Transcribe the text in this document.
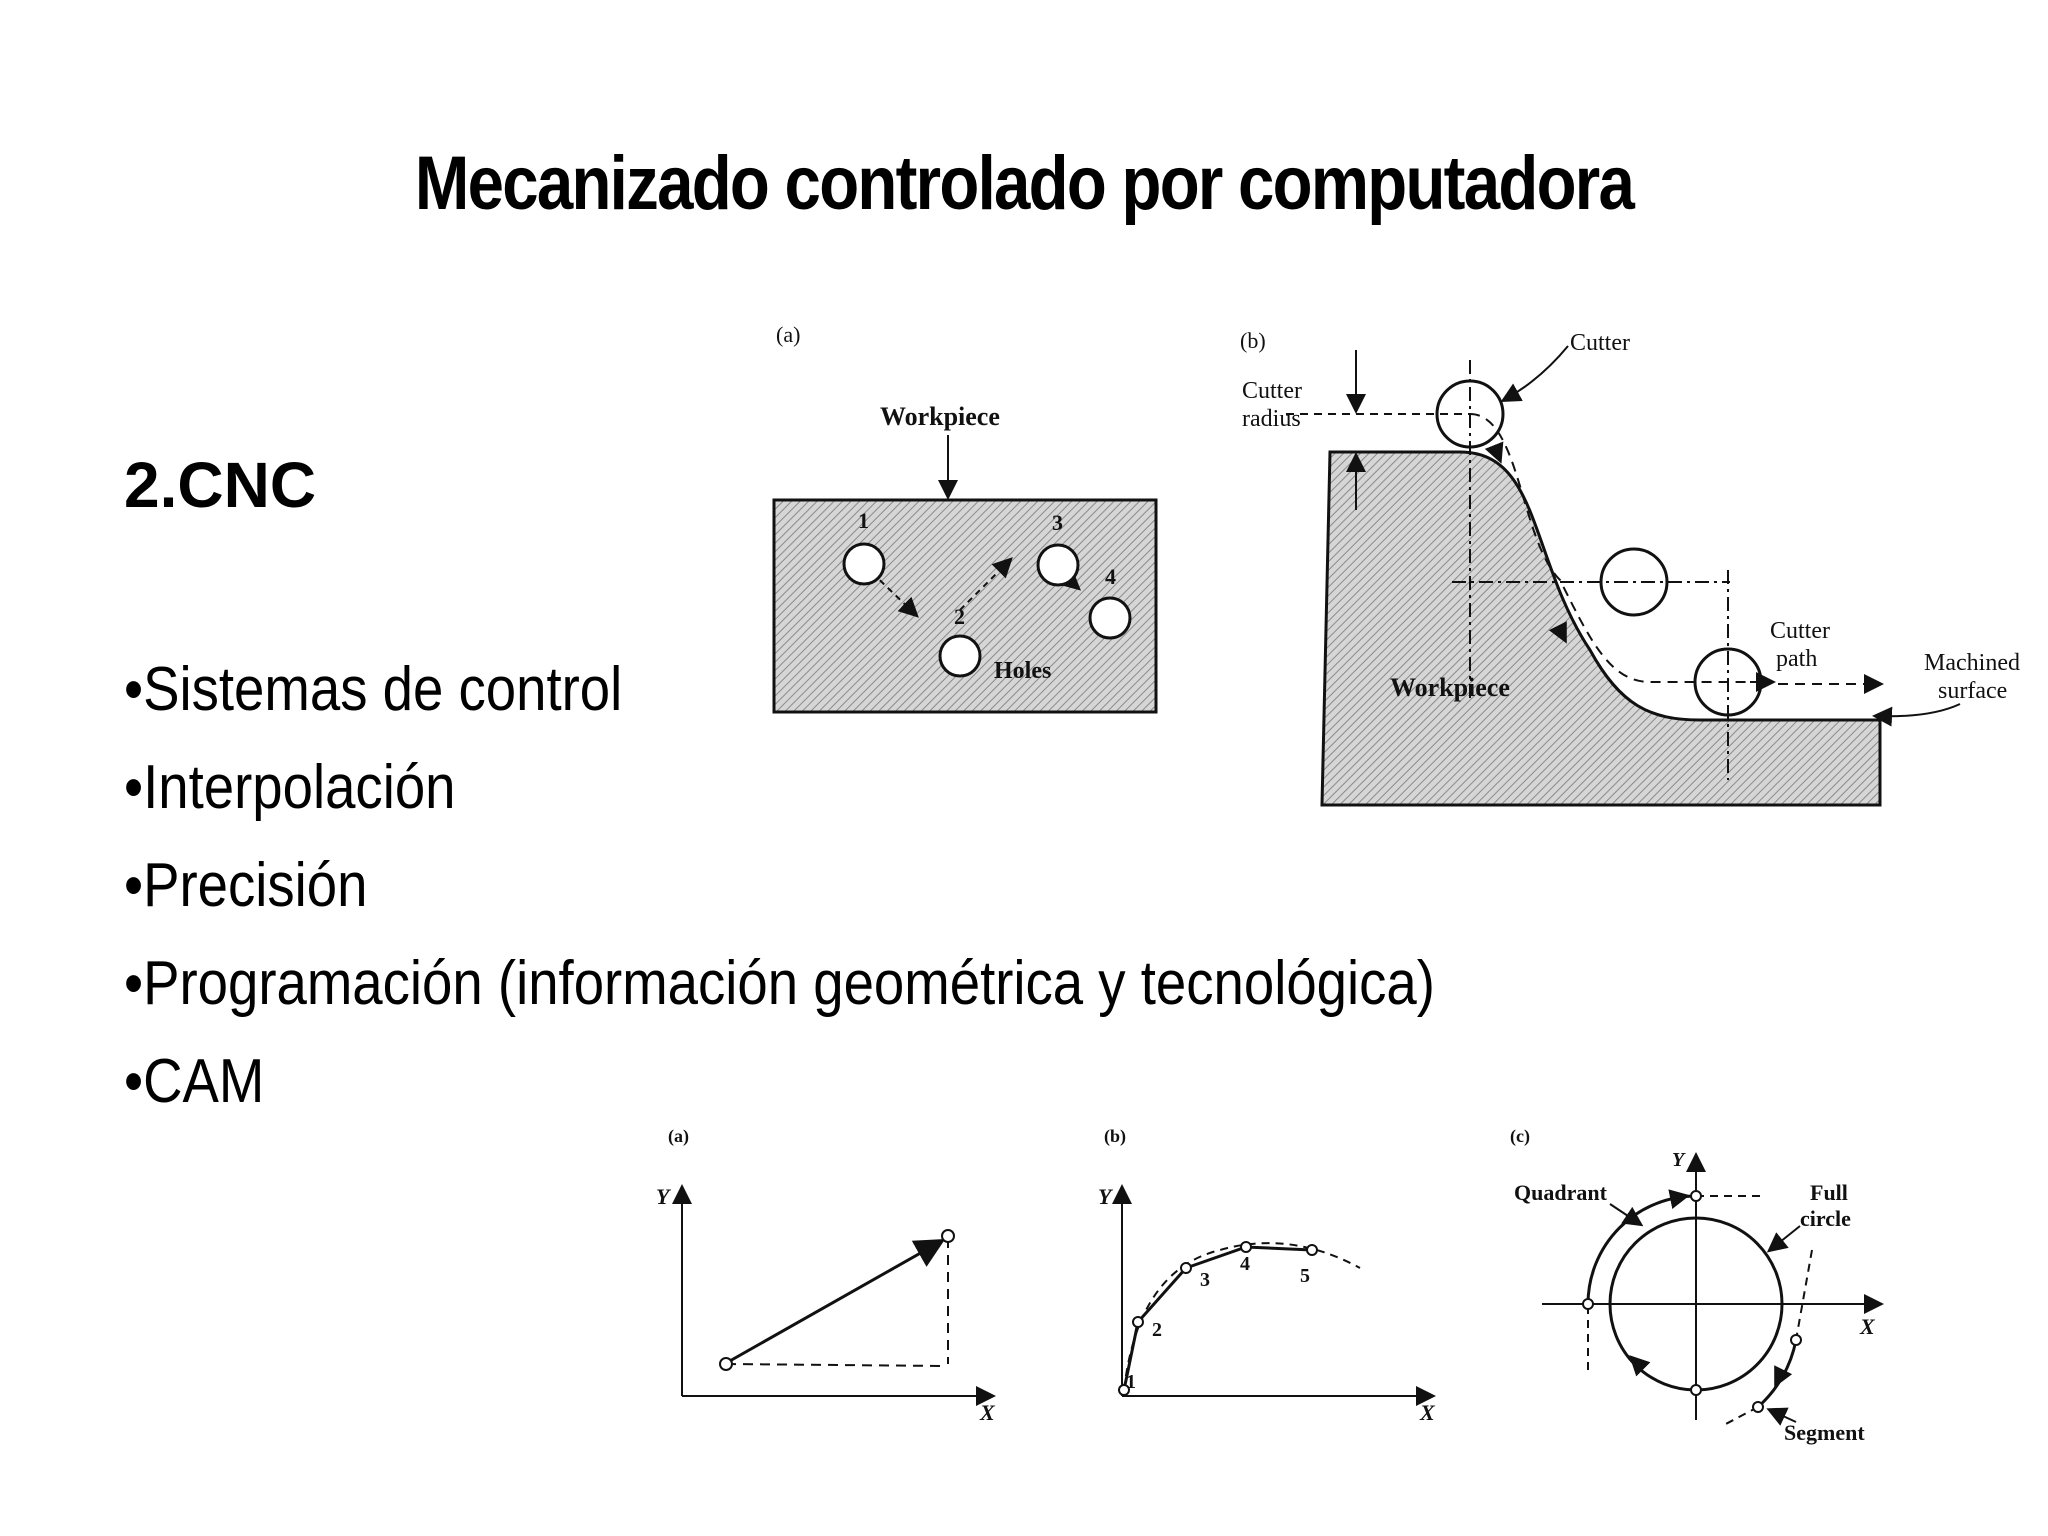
Mecanizado controlado por computadora
2.CNC
•Sistemas de control
•Interpolación
•Precisión
•Programación (información geométrica y tecnológica)
•CAM
(a)
Workpiece
1
2
3
4
Holes
(b)	Cutter
Cutter
radius
Workpiece
Cutter
path	Machined
surface
(a)
Y
X
(b)
Y
X
1
2
3
4
5
(c)
Y
X
Quadrant	Full
circle
Segment
